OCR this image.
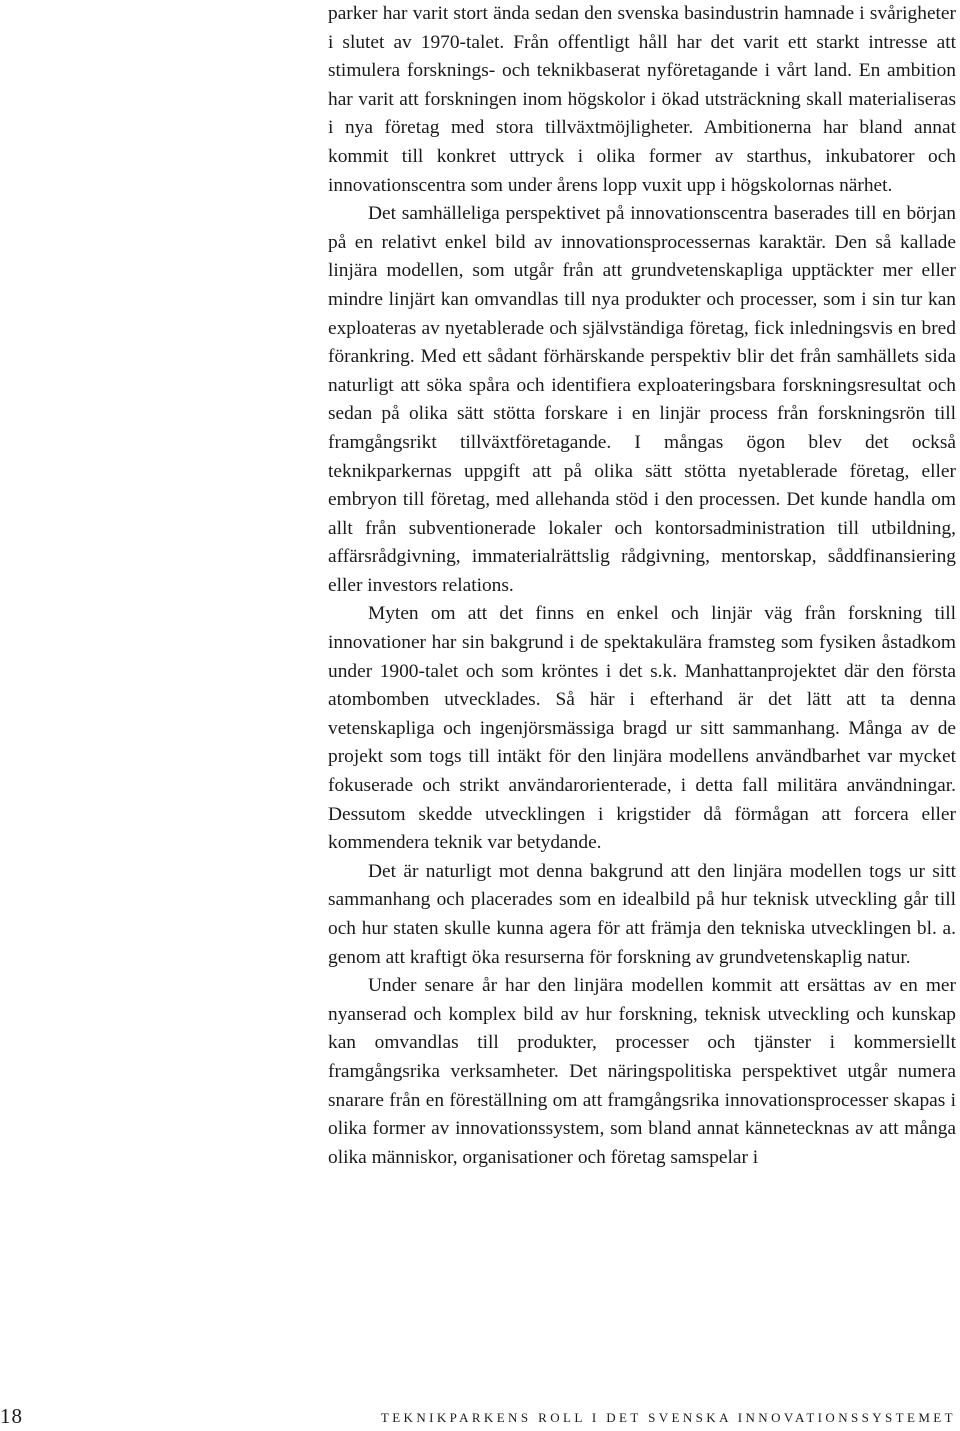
parker har varit stort ända sedan den svenska basindustrin hamnade i svårigheter i slutet av 1970-talet. Från offentligt håll har det varit ett starkt intresse att stimulera forsknings- och teknikbaserat nyföretagande i vårt land. En ambition har varit att forskningen inom högskolor i ökad utsträckning skall materialiseras i nya företag med stora tillväxtmöjligheter. Ambitionerna har bland annat kommit till konkret uttryck i olika former av starthus, inkubatorer och innovationscentra som under årens lopp vuxit upp i högskolornas närhet.

Det samhälleliga perspektivet på innovationscentra baserades till en början på en relativt enkel bild av innovationsprocessernas karaktär. Den så kallade linjära modellen, som utgår från att grundvetenskapliga upptäckter mer eller mindre linjärt kan omvandlas till nya produkter och processer, som i sin tur kan exploateras av nyetablerade och självständiga företag, fick inledningsvis en bred förankring. Med ett sådant förhärskande perspektiv blir det från samhällets sida naturligt att söka spåra och identifiera exploateringsbara forskningsresultat och sedan på olika sätt stötta forskare i en linjär process från forskningsrön till framgångsrikt tillväxtföretagande. I mångas ögon blev det också teknikparkernas uppgift att på olika sätt stötta nyetablerade företag, eller embryon till företag, med allehanda stöd i den processen. Det kunde handla om allt från subventionerade lokaler och kontorsadministration till utbildning, affärsrådgivning, immaterialrättslig rådgivning, mentorskap, såddfinansiering eller investors relations.

Myten om att det finns en enkel och linjär väg från forskning till innovationer har sin bakgrund i de spektakulära framsteg som fysiken åstadkom under 1900-talet och som kröntes i det s.k. Manhattanprojektet där den första atombomben utvecklades. Så här i efterhand är det lätt att ta denna vetenskapliga och ingenjörsmässiga bragd ur sitt sammanhang. Många av de projekt som togs till intäkt för den linjära modellens användbarhet var mycket fokuserade och strikt användarorienterade, i detta fall militära användningar. Dessutom skedde utvecklingen i krigstider då förmågan att forcera eller kommendera teknik var betydande.

Det är naturligt mot denna bakgrund att den linjära modellen togs ur sitt sammanhang och placerades som en idealbild på hur teknisk utveckling går till och hur staten skulle kunna agera för att främja den tekniska utvecklingen bl. a. genom att kraftigt öka resurserna för forskning av grundvetenskaplig natur.

Under senare år har den linjära modellen kommit att ersättas av en mer nyanserad och komplex bild av hur forskning, teknisk utveckling och kunskap kan omvandlas till produkter, processer och tjänster i kommersiellt framgångsrika verksamheter. Det näringspolitiska perspektivet utgår numera snarare från en föreställning om att framgångsrika innovationsprocesser skapas i olika former av innovationssystem, som bland annat kännetecknas av att många olika människor, organisationer och företag samspelar i

18	TEKNIKPARKENS ROLL I DET SVENSKA INNOVATIONSSYSTEMET
